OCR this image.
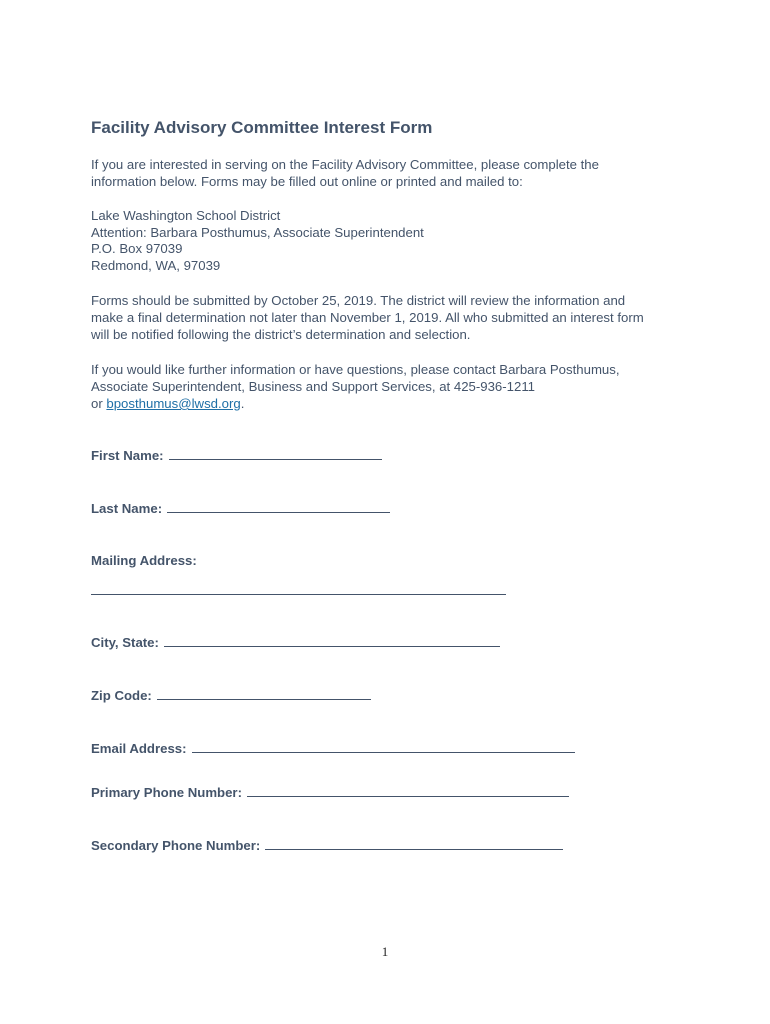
Facility Advisory Committee Interest Form
If you are interested in serving on the Facility Advisory Committee, please complete the
information below. Forms may be filled out online or printed and mailed to:
Lake Washington School District
Attention: Barbara Posthumus, Associate Superintendent
P.O. Box 97039
Redmond, WA, 97039
Forms should be submitted by October 25, 2019. The district will review the information and
make a final determination not later than November 1, 2019. All who submitted an interest form
will be notified following the district’s determination and selection.
If you would like further information or have questions, please contact Barbara Posthumus,
Associate Superintendent, Business and Support Services, at 425-936-1211
or bposthumus@lwsd.org.
First Name:
Last Name:
Mailing Address:
City, State:
Zip Code:
Email Address:
Primary Phone Number:
Secondary Phone Number:
1
